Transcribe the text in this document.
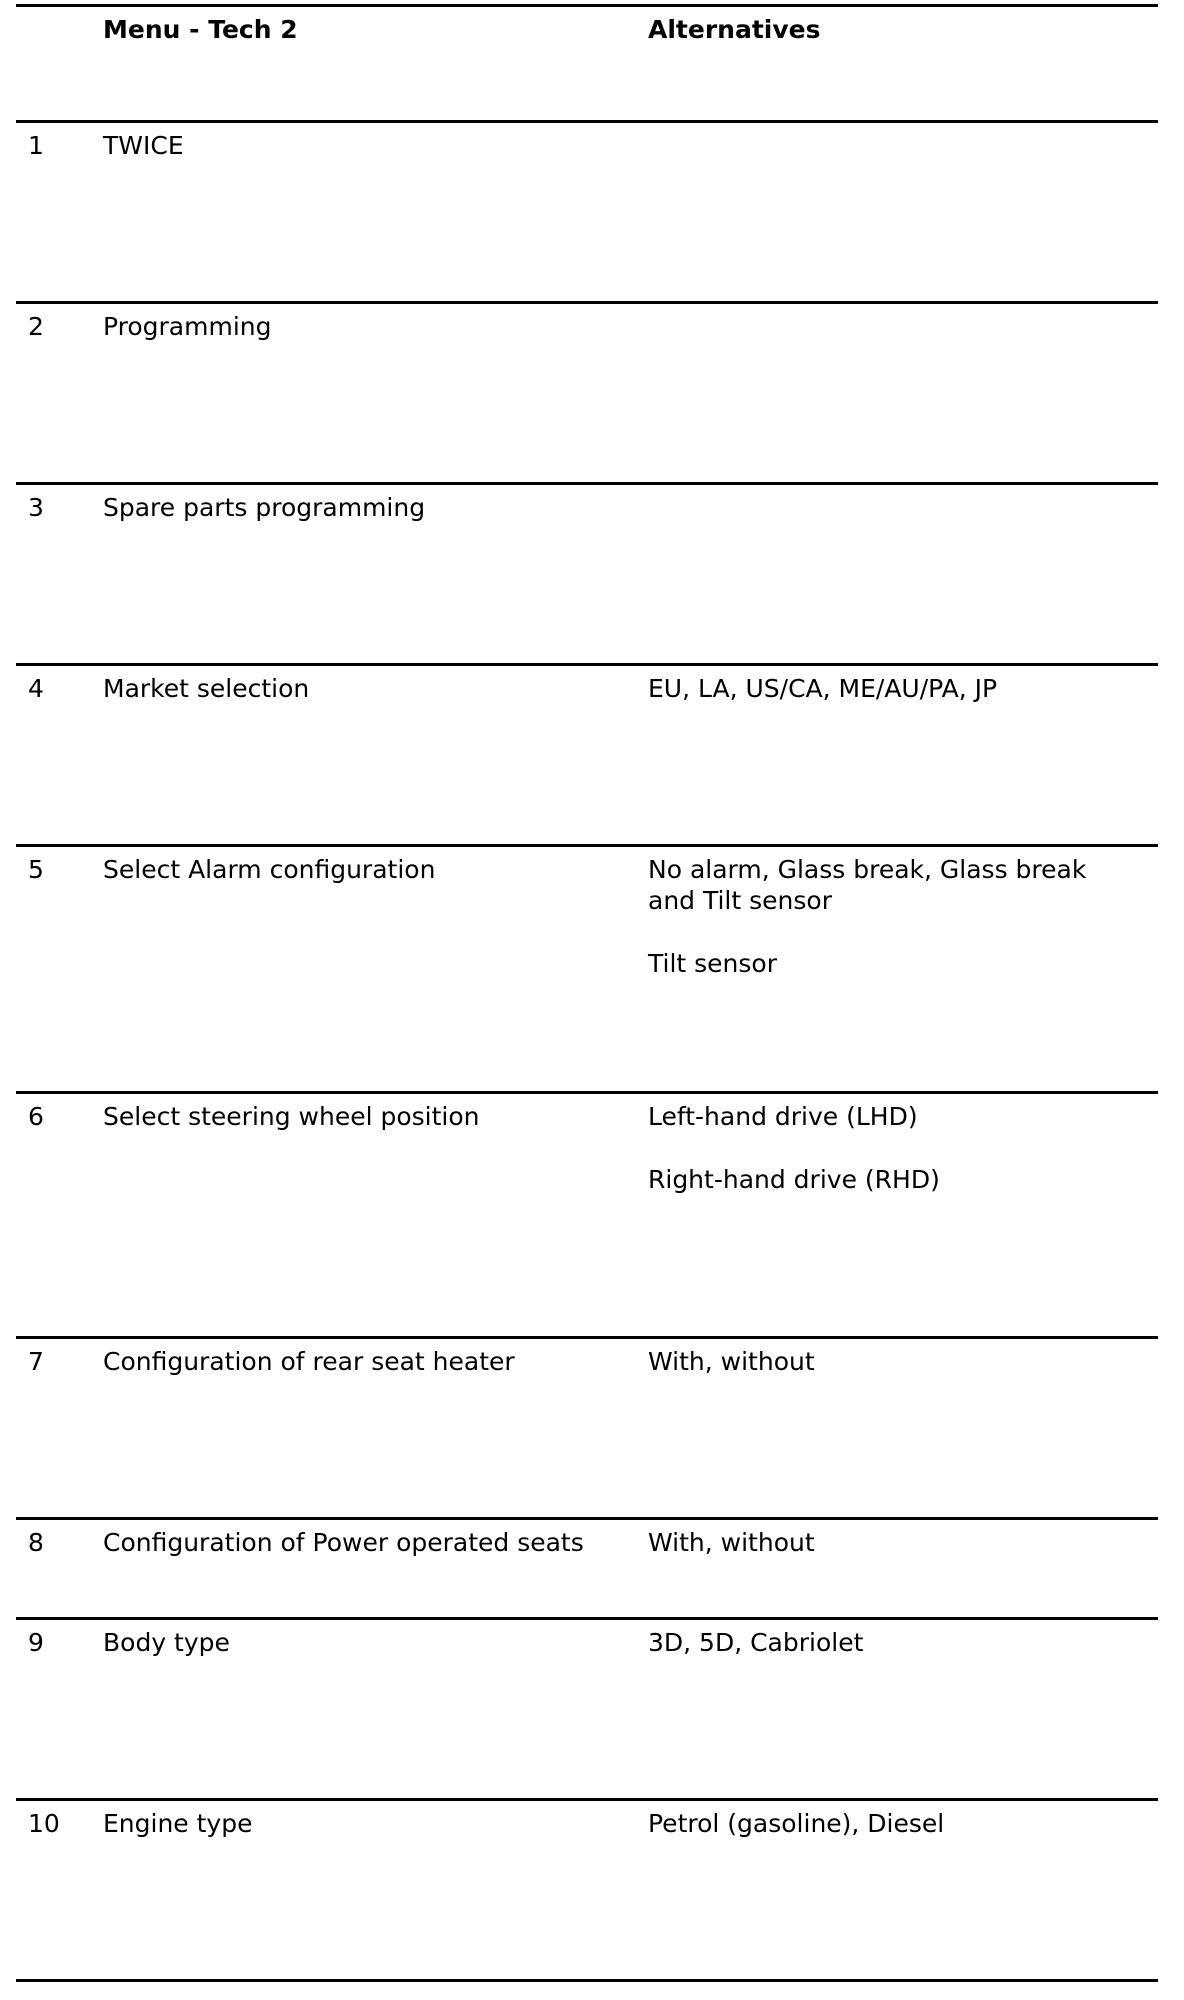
Menu - Tech 2	Alternatives
1 TWICE
2 Programming
3 Spare parts programming
4 Market selection	EU, LA, US/CA, ME/AU/PA, JP
5 Select Alarm configuration	No alarm, Glass break, Glass break and Tilt sensor

Tilt sensor

6 Select steering wheel position	Left-hand drive (LHD)

Right-hand drive (RHD)

7 Configuration of rear seat heater	With, without
8 Configuration of Power operated seats	With, without
9 Body type	3D, 5D, Cabriolet
10 Engine type	Petrol (gasoline), Diesel
